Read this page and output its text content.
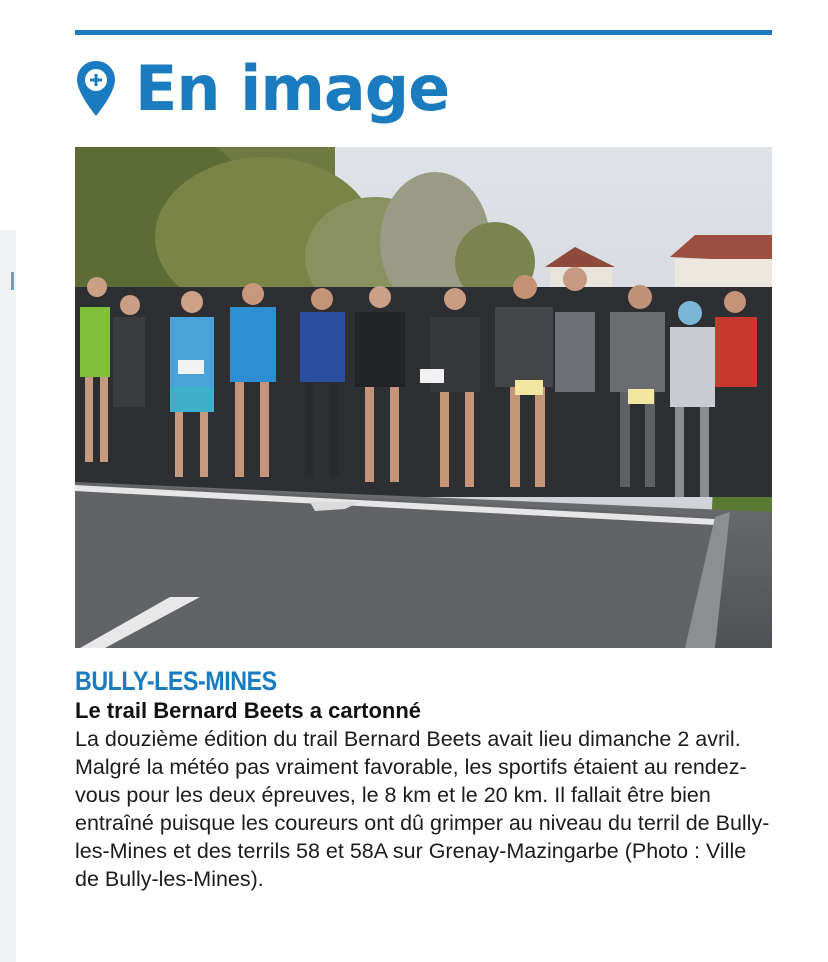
En image
BULLY-LES-MINES
Le trail Bernard Beets a cartonné
La douzième édition du trail Bernard Beets avait lieu dimanche 2 avril. Malgré la météo pas vraiment favorable, les sportifs étaient au rendez-vous pour les deux épreuves, le 8 km et le 20 km. Il fallait être bien entraîné puisque les coureurs ont dû grimper au niveau du terril de Bully-les-Mines et des terrils 58 et 58A sur Grenay-Mazingarbe (Photo : Ville de Bully-les-Mines).
